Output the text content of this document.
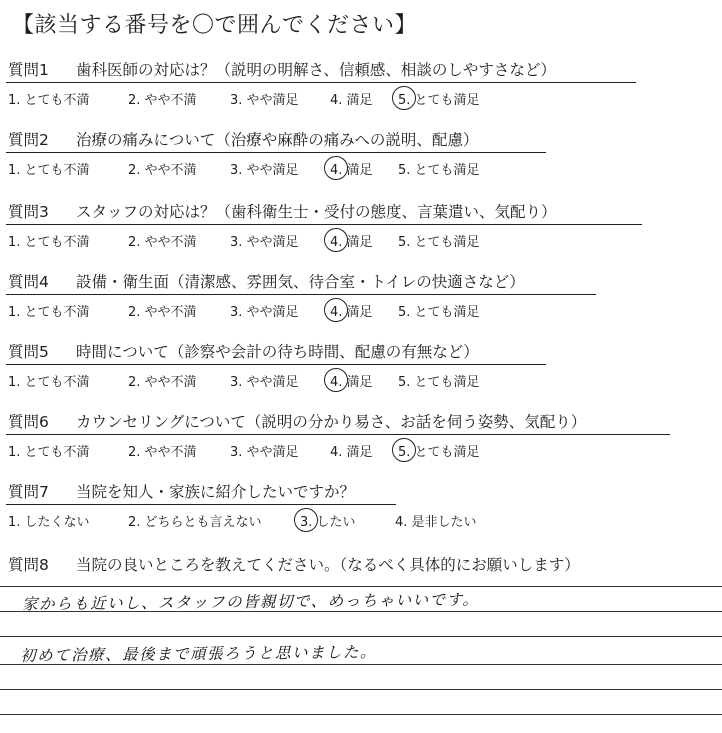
【該当する番号を〇で囲んでください】
質問1 歯科医師の対応は？（説明の明解さ、信頼感、相談のしやすさなど）
1. とても不満	2. やや不満	3. やや満足 4. 満足 5. とても満足
質問2 治療の痛みについて（治療や麻酔の痛みへの説明、配慮）
1. とても不満	2. やや不満	3. やや満足 4. 満足 5. とても満足
質問3 スタッフの対応は？（歯科衛生士・受付の態度、言葉遣い、気配り）
1. とても不満	2. やや不満	3. やや満足 4. 満足 5. とても満足
質問4 設備・衛生面（清潔感、雰囲気、待合室・トイレの快適さなど）
1. とても不満	2. やや不満	3. やや満足 4. 満足 5. とても満足
質問5 時間について（診察や会計の待ち時間、配慮の有無など）
1. とても不満	2. やや不満	3. やや満足 4. 満足 5. とても満足
質問6 カウンセリングについて（説明の分かり易さ、お話を伺う姿勢、気配り）
1. とても不満	2. やや不満	3. やや満足 4. 満足 5. とても満足
質問7 当院を知人・家族に紹介したいですか？
1. したくない	2. どちらとも言えない	3. したい	4. 是非したい
質問8 当院の良いところを教えてください。（なるべく具体的にお願いします）
家からも近いし、スタッフの皆親切で、めっちゃいいです。
初めて治療、最後まで頑張ろうと思いました。
